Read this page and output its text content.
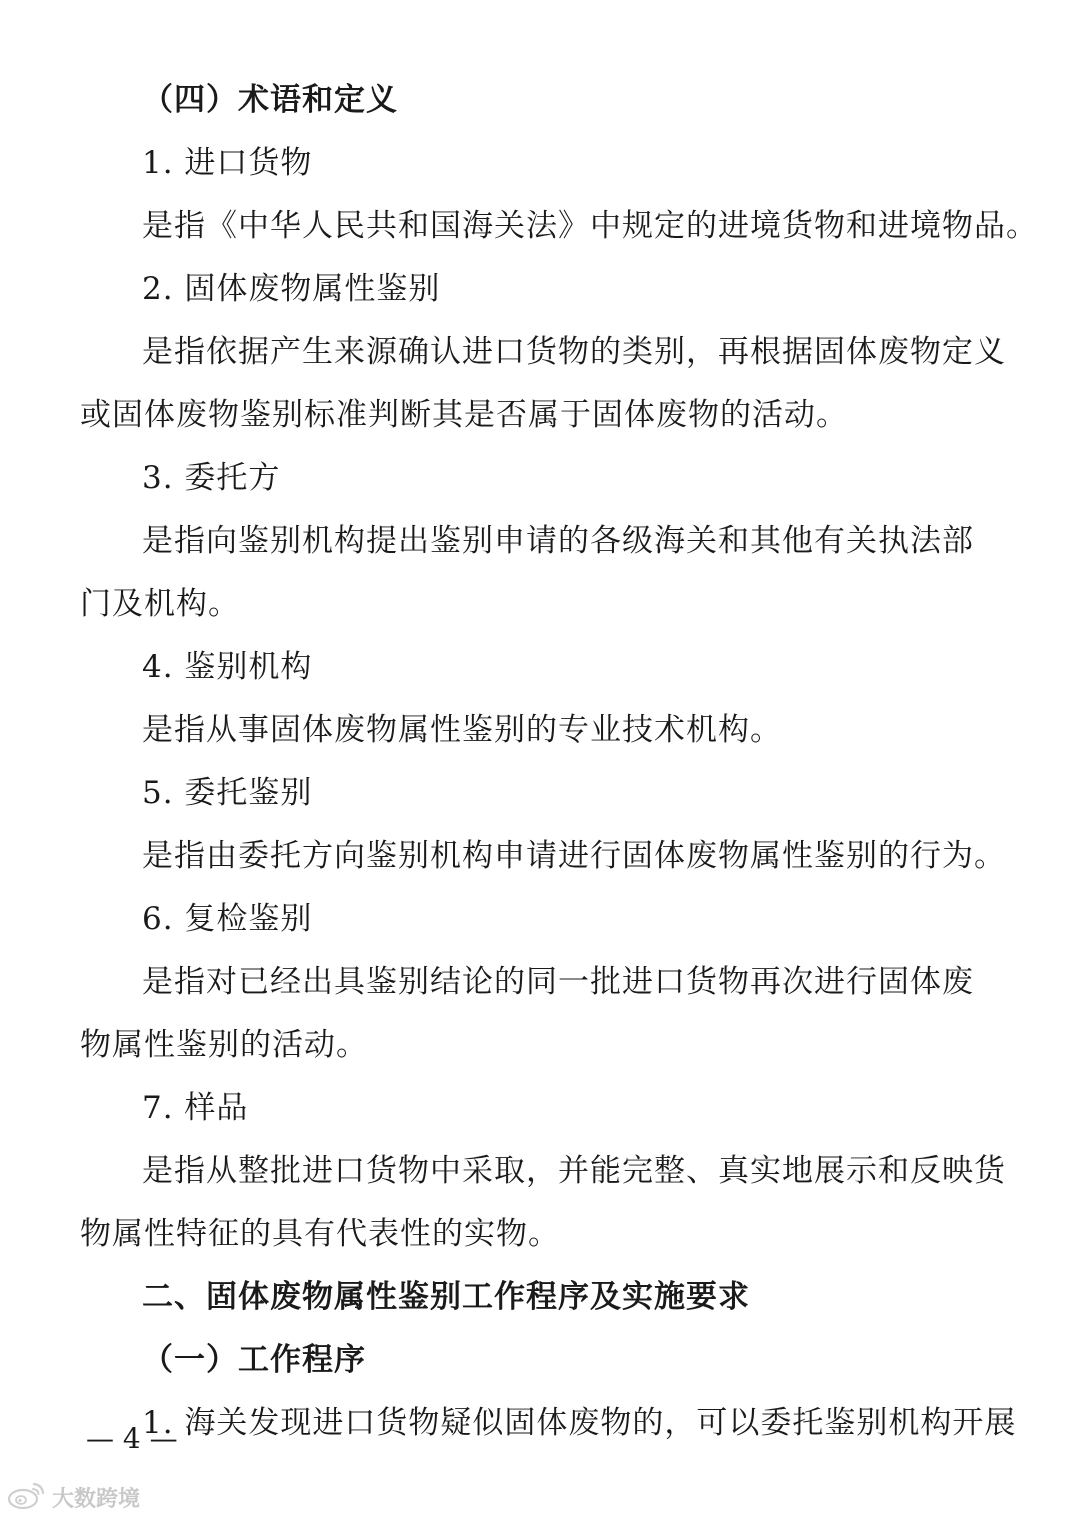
（四）术语和定义
1. 进口货物
是指《中华人民共和国海关法》中规定的进境货物和进境物品。
2. 固体废物属性鉴别
是指依据产生来源确认进口货物的类别，再根据固体废物定义
或固体废物鉴别标准判断其是否属于固体废物的活动。
3. 委托方
是指向鉴别机构提出鉴别申请的各级海关和其他有关执法部
门及机构。
4. 鉴别机构
是指从事固体废物属性鉴别的专业技术机构。
5. 委托鉴别
是指由委托方向鉴别机构申请进行固体废物属性鉴别的行为。
6. 复检鉴别
是指对已经出具鉴别结论的同一批进口货物再次进行固体废
物属性鉴别的活动。
7. 样品
是指从整批进口货物中采取，并能完整、真实地展示和反映货
物属性特征的具有代表性的实物。
二、固体废物属性鉴别工作程序及实施要求
（一）工作程序
1. 海关发现进口货物疑似固体废物的，可以委托鉴别机构开展
— 4 —
大数跨境
